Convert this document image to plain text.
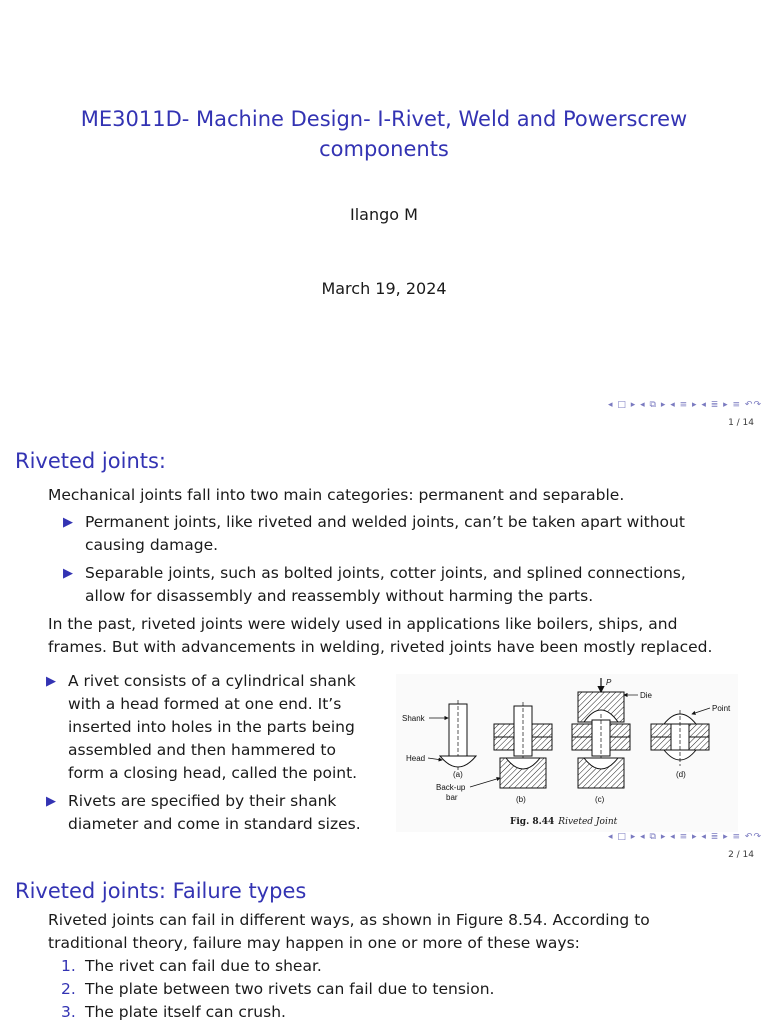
ME3011D- Machine Design- I-Rivet, Weld and Powerscrew
components
Ilango M
March 19, 2024
◂ □ ▸ ◂ ⧉ ▸ ◂ ≡ ▸ ◂ ≣ ▸ ≡ ↶↷
1 / 14
Riveted joints:
Mechanical joints fall into two main categories: permanent and separable.
▶ Permanent joints, like riveted and welded joints, can’t be taken apart without
causing damage.
▶ Separable joints, such as bolted joints, cotter joints, and splined connections,
allow for disassembly and reassembly without harming the parts.
In the past, riveted joints were widely used in applications like boilers, ships, and
frames. But with advancements in welding, riveted joints have been mostly replaced.
▶ A rivet consists of a cylindrical shank
with a head formed at one end. It’s
inserted into holes in the parts being
assembled and then hammered to
form a closing head, called the point.
▶ Rivets are specified by their shank
diameter and come in standard sizes.
Shank
Head
(a)
Back-up
bar	(b)
P
Die
(c)
Point
(d)
Fig. 8.44 Riveted Joint
◂ □ ▸ ◂ ⧉ ▸ ◂ ≡ ▸ ◂ ≣ ▸ ≡ ↶↷
2 / 14
Riveted joints: Failure types
Riveted joints can fail in different ways, as shown in Figure 8.54. According to
traditional theory, failure may happen in one or more of these ways:
1. The rivet can fail due to shear.
2. The plate between two rivets can fail due to tension.
3. The plate itself can crush.
